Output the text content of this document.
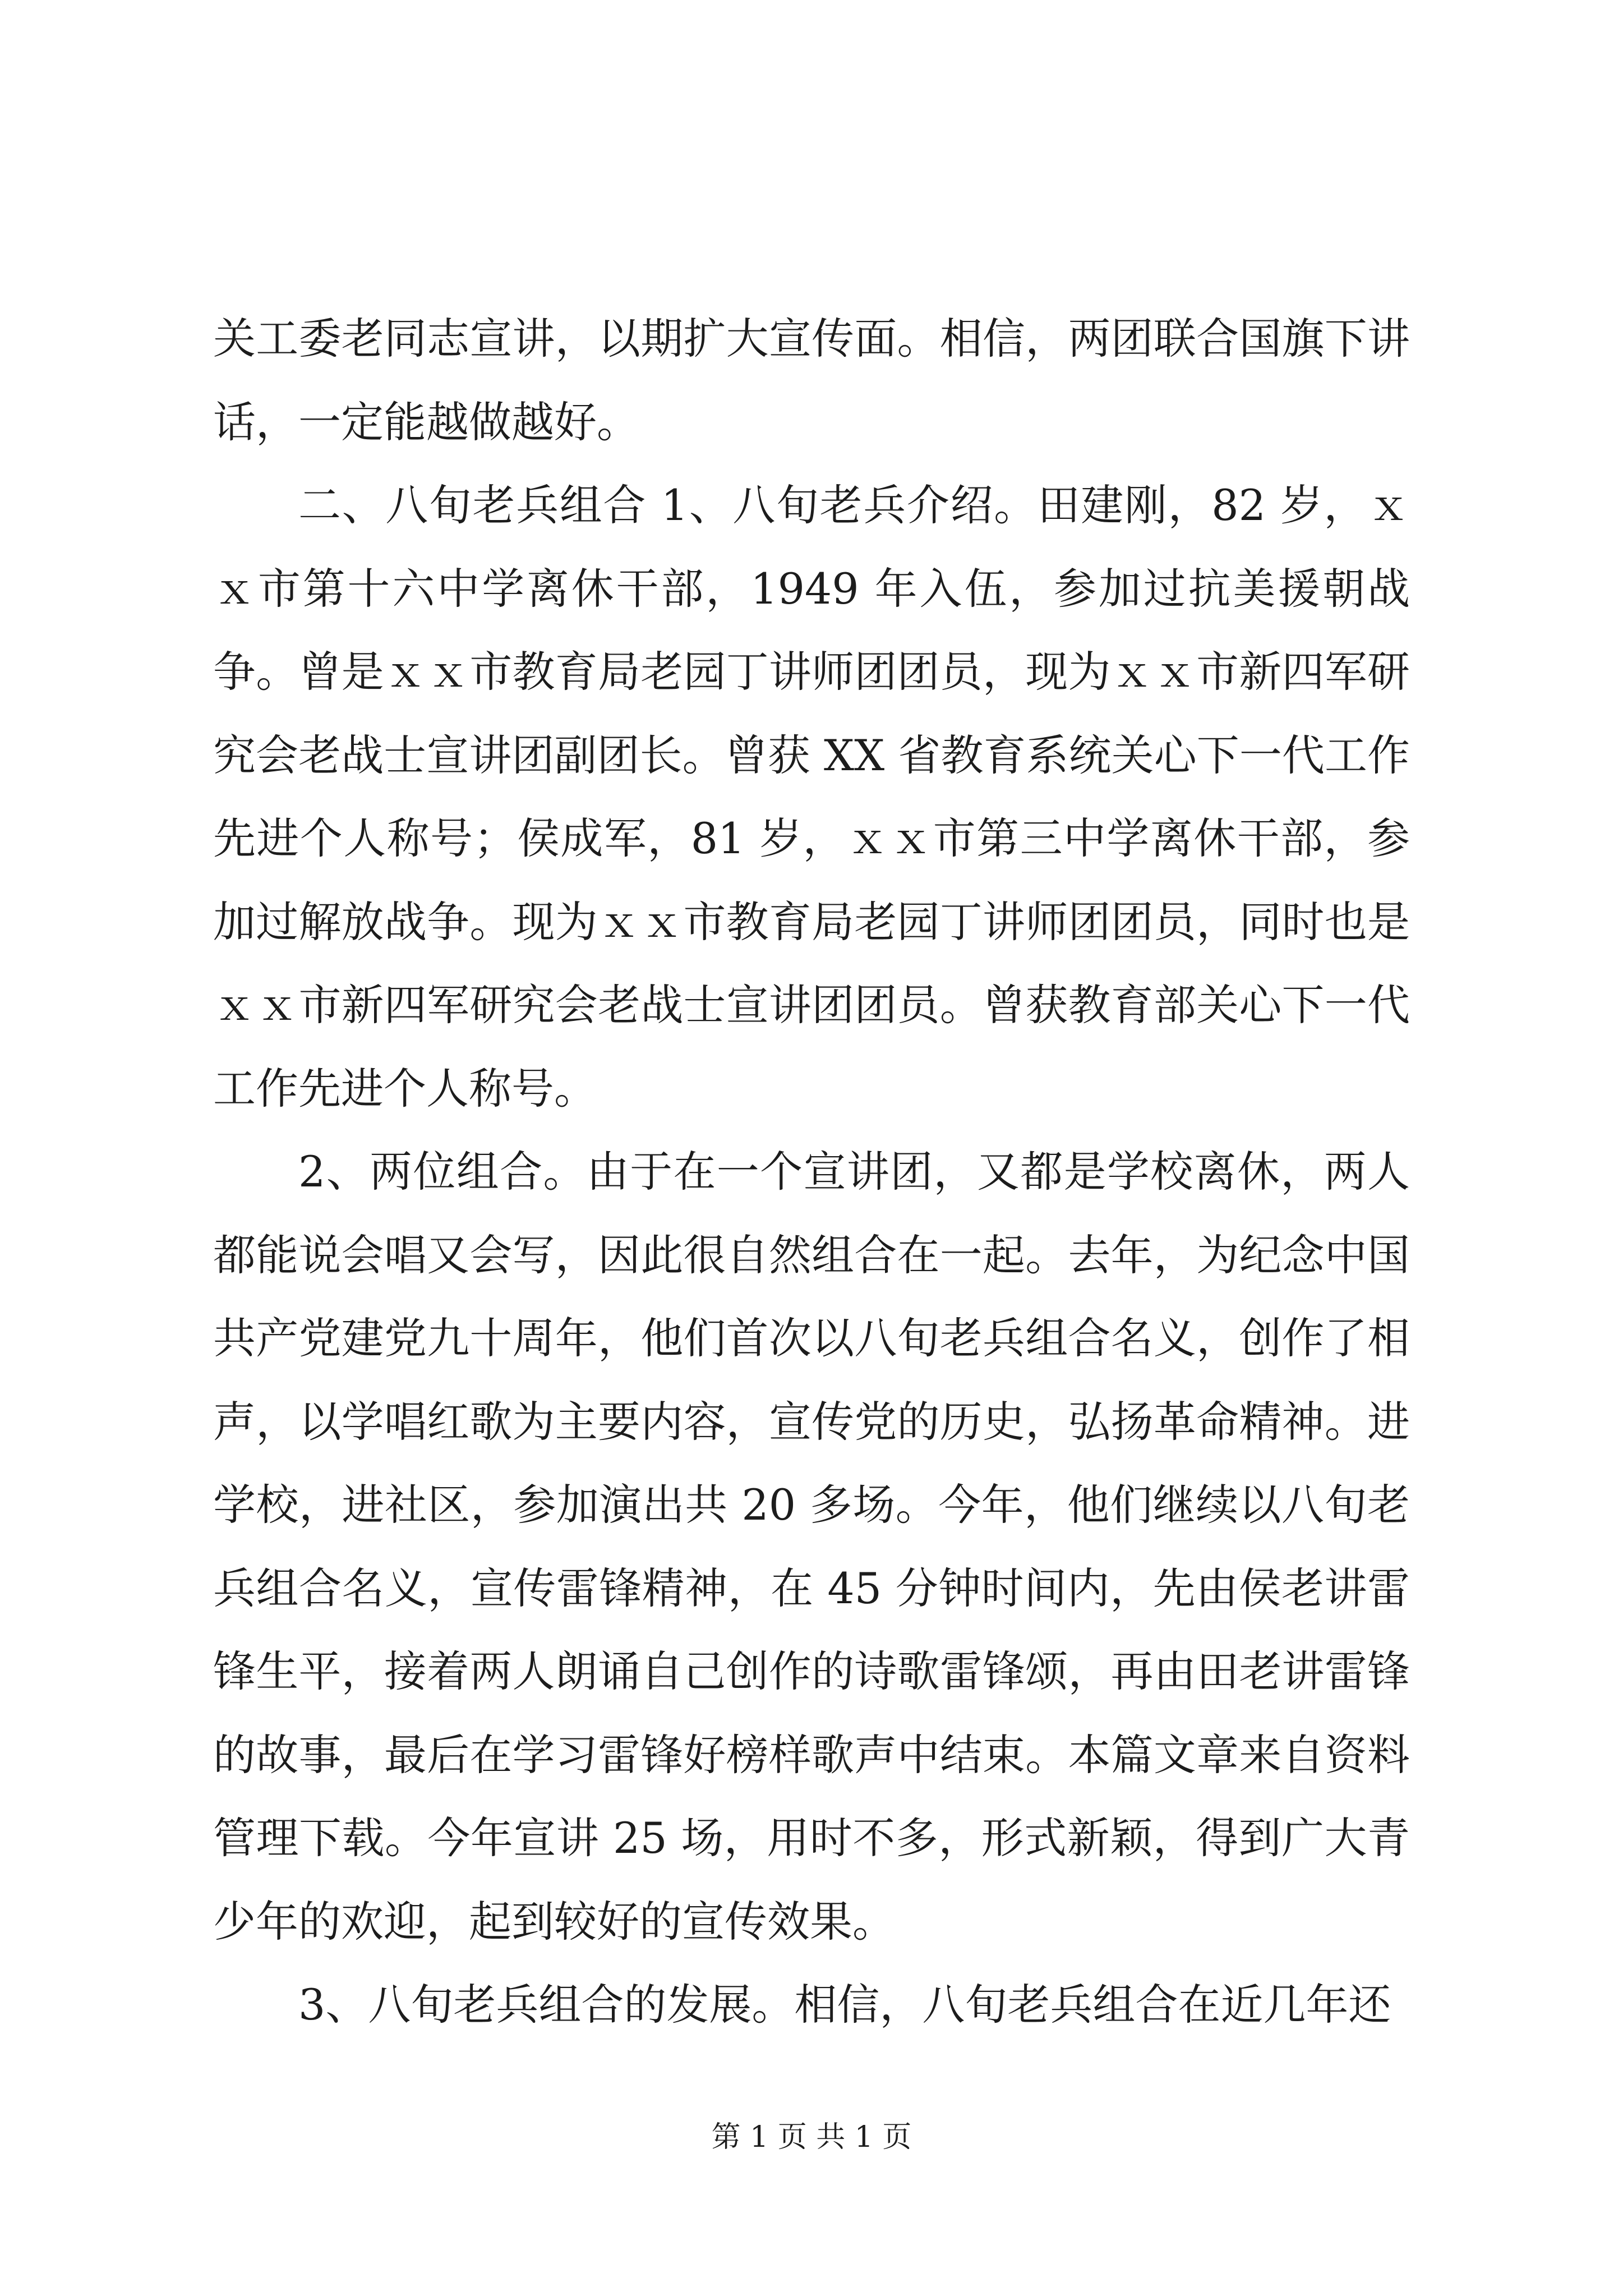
关工委老同志宣讲，以期扩大宣传面。相信，两团联合国旗下讲话，一定能越做越好。

二、八旬老兵组合 1、八旬老兵介绍。田建刚，82 岁，ｘｘ市第十六中学离休干部，1949 年入伍，参加过抗美援朝战争。曾是ｘｘ市教育局老园丁讲师团团员，现为ｘｘ市新四军研究会老战士宣讲团副团长。曾获 XX 省教育系统关心下一代工作先进个人称号；侯成军，81 岁，ｘｘ市第三中学离休干部，参加过解放战争。现为ｘｘ市教育局老园丁讲师团团员，同时也是ｘｘ市新四军研究会老战士宣讲团团员。曾获教育部关心下一代工作先进个人称号。

2、两位组合。由于在一个宣讲团，又都是学校离休，两人都能说会唱又会写，因此很自然组合在一起。去年，为纪念中国共产党建党九十周年，他们首次以八旬老兵组合名义，创作了相声，以学唱红歌为主要内容，宣传党的历史，弘扬革命精神。进学校，进社区，参加演出共 20 多场。今年，他们继续以八旬老兵组合名义，宣传雷锋精神，在 45 分钟时间内，先由侯老讲雷锋生平，接着两人朗诵自己创作的诗歌雷锋颂，再由田老讲雷锋的故事，最后在学习雷锋好榜样歌声中结束。本篇文章来自资料管理下载。今年宣讲 25 场，用时不多，形式新颖，得到广大青少年的欢迎，起到较好的宣传效果。

3、八旬老兵组合的发展。相信，八旬老兵组合在近几年还

第 1 页 共 1 页
